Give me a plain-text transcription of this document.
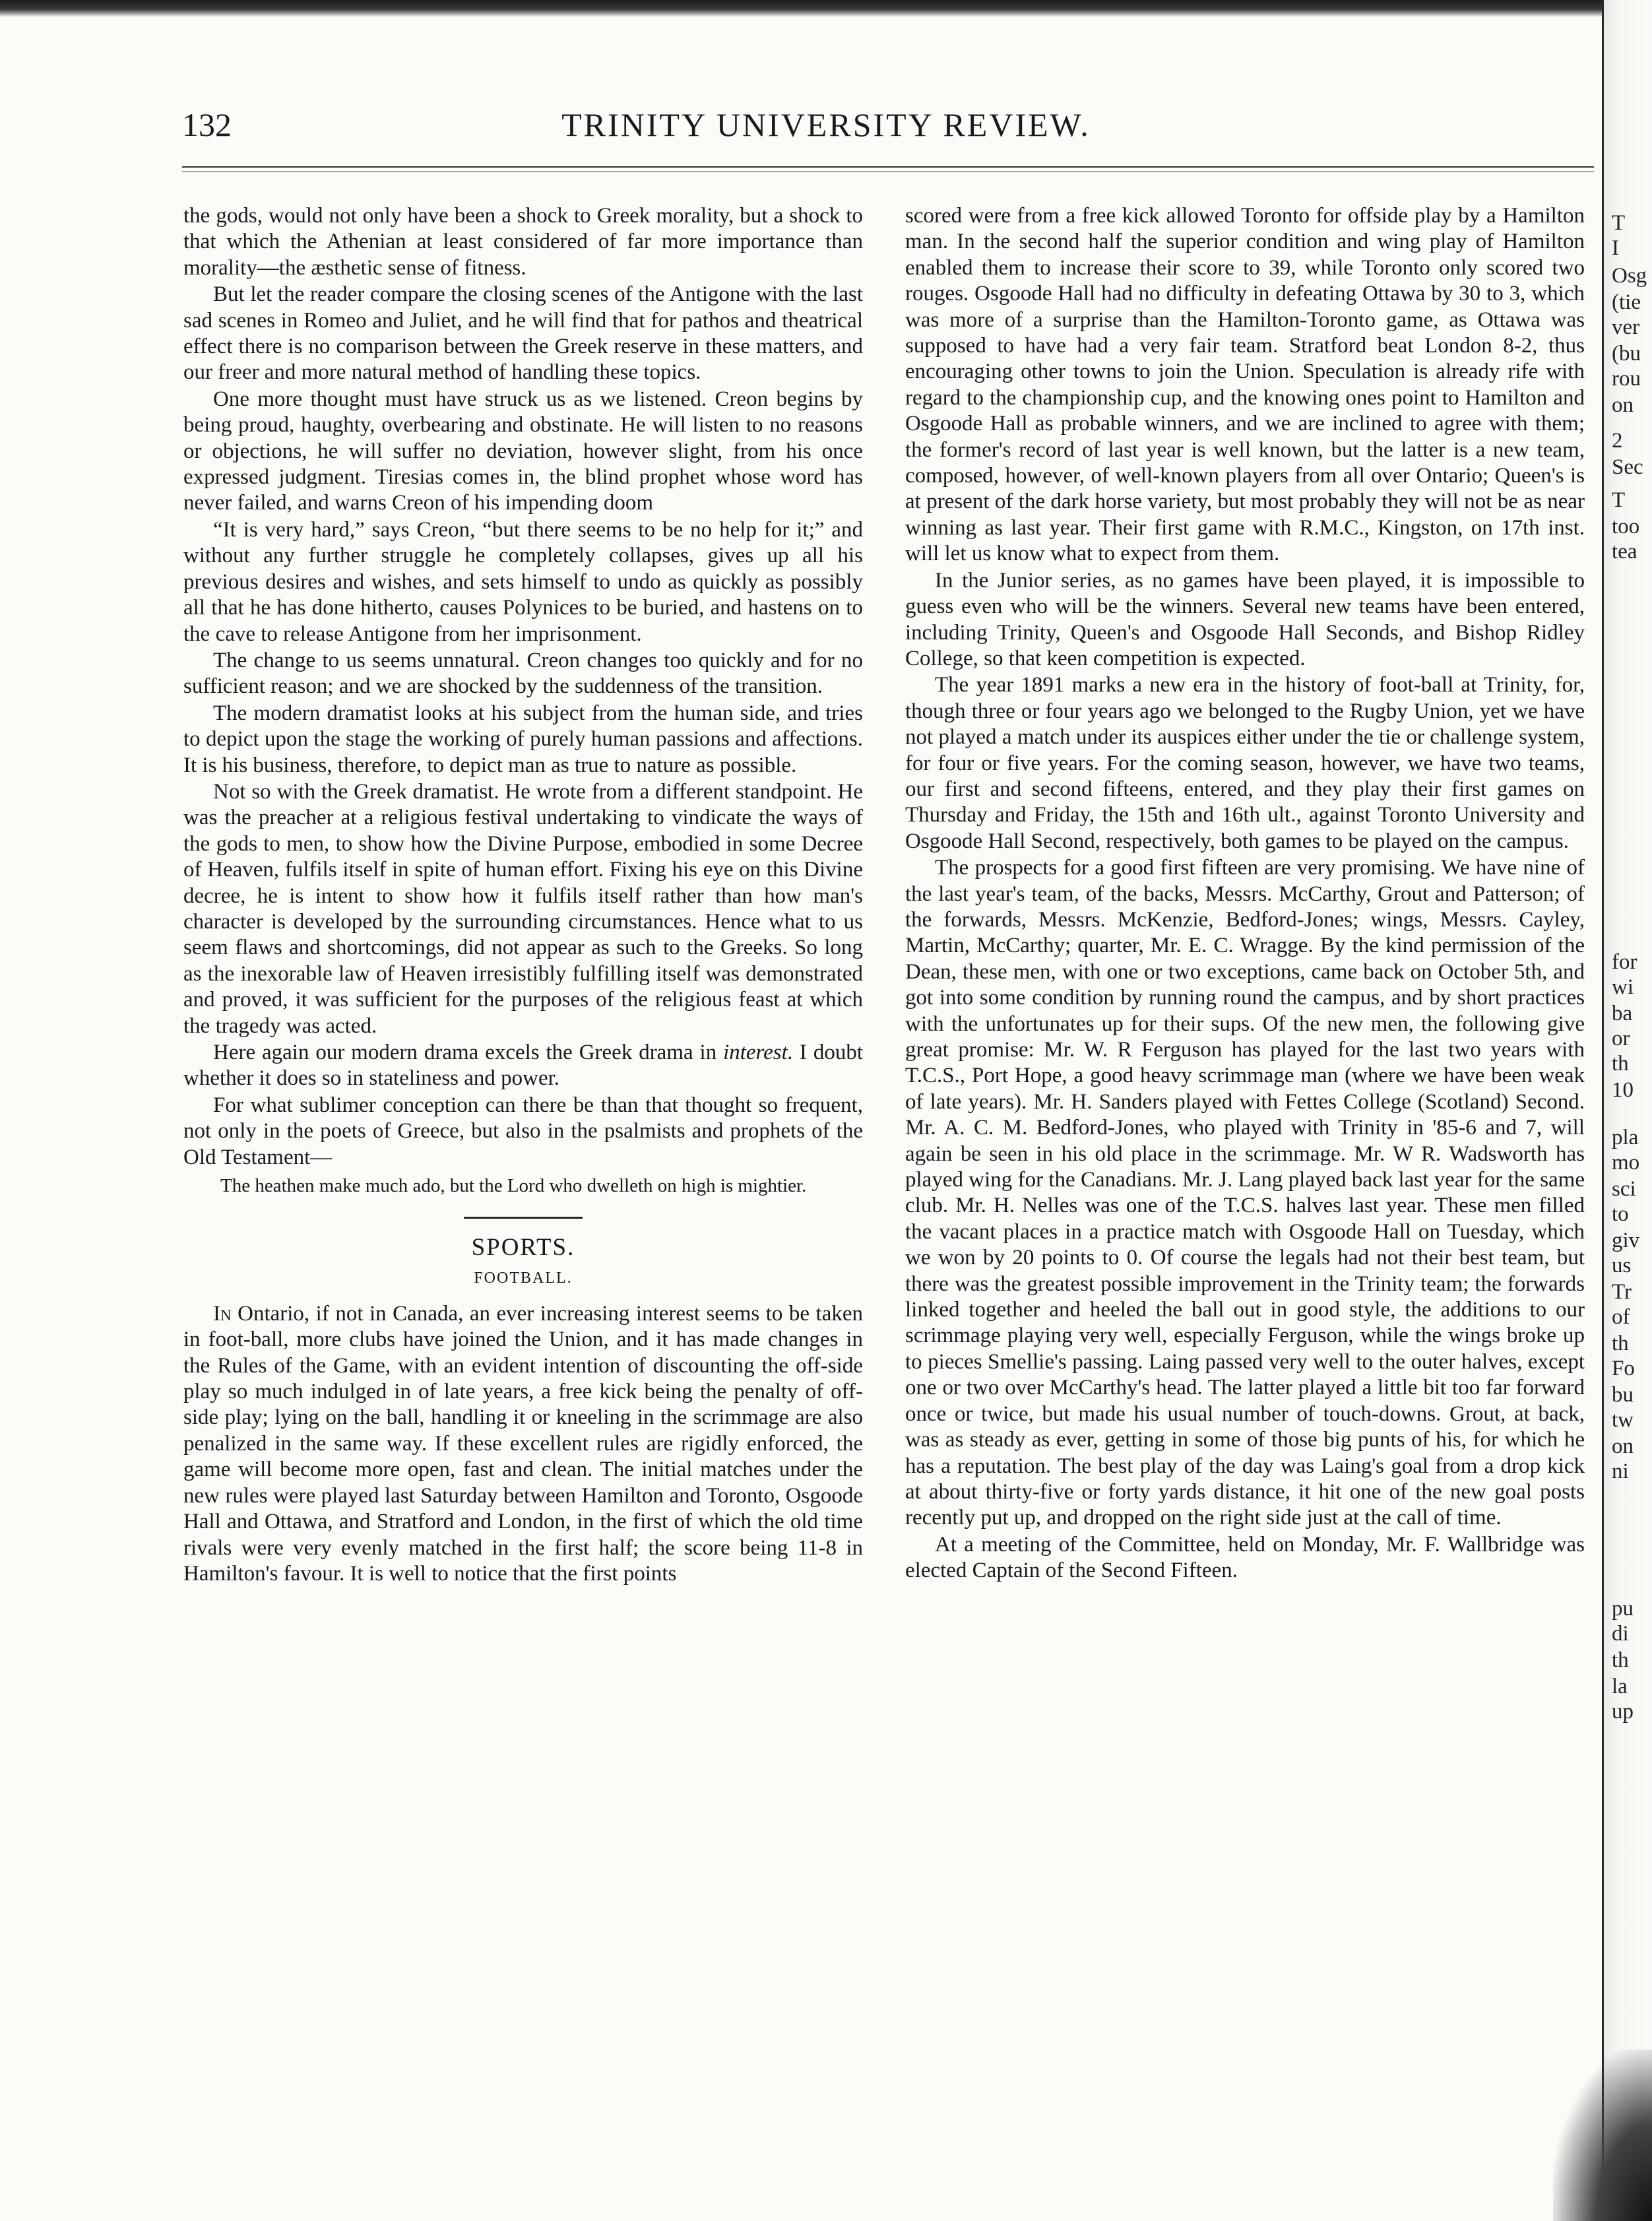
132	TRINITY UNIVERSITY REVIEW.

the gods, would not only have been a shock to Greek morality, but a shock to that which the Athenian at least considered of far more importance than morality—the æsthetic sense of fitness.

But let the reader compare the closing scenes of the Antigone with the last sad scenes in Romeo and Juliet, and he will find that for pathos and theatrical effect there is no comparison between the Greek reserve in these matters, and our freer and more natural method of handling these topics.

One more thought must have struck us as we listened. Creon begins by being proud, haughty, overbearing and obstinate. He will listen to no reasons or objections, he will suffer no deviation, however slight, from his once expressed judgment. Tiresias comes in, the blind prophet whose word has never failed, and warns Creon of his impending doom

“It is very hard,” says Creon, “but there seems to be no help for it;” and without any further struggle he completely collapses, gives up all his previous desires and wishes, and sets himself to undo as quickly as possibly all that he has done hitherto, causes Polynices to be buried, and hastens on to the cave to release Antigone from her imprisonment.

The change to us seems unnatural. Creon changes too quickly and for no sufficient reason; and we are shocked by the suddenness of the transition.

The modern dramatist looks at his subject from the human side, and tries to depict upon the stage the working of purely human passions and affections. It is his business, therefore, to depict man as true to nature as possible.

Not so with the Greek dramatist. He wrote from a different standpoint. He was the preacher at a religious festival undertaking to vindicate the ways of the gods to men, to show how the Divine Purpose, embodied in some Decree of Heaven, fulfils itself in spite of human effort. Fixing his eye on this Divine decree, he is intent to show how it fulfils itself rather than how man's character is developed by the surrounding circumstances. Hence what to us seem flaws and shortcomings, did not appear as such to the Greeks. So long as the inexorable law of Heaven irresistibly fulfilling itself was demonstrated and proved, it was sufficient for the purposes of the religious feast at which the tragedy was acted.

Here again our modern drama excels the Greek drama in interest. I doubt whether it does so in stateliness and power.

For what sublimer conception can there be than that thought so frequent, not only in the poets of Greece, but also in the psalmists and prophets of the Old Testament—

The heathen make much ado, but the Lord who dwelleth on high is mightier.
SPORTS.
FOOTBALL.

In Ontario, if not in Canada, an ever increasing interest seems to be taken in foot-ball, more clubs have joined the Union, and it has made changes in the Rules of the Game, with an evident intention of discounting the off-side play so much indulged in of late years, a free kick being the penalty of off-side play; lying on the ball, handling it or kneeling in the scrimmage are also penalized in the same way. If these excellent rules are rigidly enforced, the game will become more open, fast and clean. The initial matches under the new rules were played last Saturday between Hamilton and Toronto, Osgoode Hall and Ottawa, and Stratford and London, in the first of which the old time rivals were very evenly matched in the first half; the score being 11-8 in Hamilton's favour. It is well to notice that the first points

scored were from a free kick allowed Toronto for offside play by a Hamilton man. In the second half the superior condition and wing play of Hamilton enabled them to increase their score to 39, while Toronto only scored two rouges. Osgoode Hall had no difficulty in defeating Ottawa by 30 to 3, which was more of a surprise than the Hamilton-Toronto game, as Ottawa was supposed to have had a very fair team. Stratford beat London 8-2, thus encouraging other towns to join the Union. Speculation is already rife with regard to the championship cup, and the knowing ones point to Hamilton and Osgoode Hall as probable winners, and we are inclined to agree with them; the former's record of last year is well known, but the latter is a new team, composed, however, of well-known players from all over Ontario; Queen's is at present of the dark horse variety, but most probably they will not be as near winning as last year. Their first game with R.M.C., Kingston, on 17th inst. will let us know what to expect from them.

In the Junior series, as no games have been played, it is impossible to guess even who will be the winners. Several new teams have been entered, including Trinity, Queen's and Osgoode Hall Seconds, and Bishop Ridley College, so that keen competition is expected.

The year 1891 marks a new era in the history of foot-ball at Trinity, for, though three or four years ago we belonged to the Rugby Union, yet we have not played a match under its auspices either under the tie or challenge system, for four or five years. For the coming season, however, we have two teams, our first and second fifteens, entered, and they play their first games on Thursday and Friday, the 15th and 16th ult., against Toronto University and Osgoode Hall Second, respectively, both games to be played on the campus.

The prospects for a good first fifteen are very promising. We have nine of the last year's team, of the backs, Messrs. McCarthy, Grout and Patterson; of the forwards, Messrs. McKenzie, Bedford-Jones; wings, Messrs. Cayley, Martin, McCarthy; quarter, Mr. E. C. Wragge. By the kind permission of the Dean, these men, with one or two exceptions, came back on October 5th, and got into some condition by running round the campus, and by short practices with the unfortunates up for their sups. Of the new men, the following give great promise: Mr. W. R Ferguson has played for the last two years with T.C.S., Port Hope, a good heavy scrimmage man (where we have been weak of late years). Mr. H. Sanders played with Fettes College (Scotland) Second. Mr. A. C. M. Bedford-Jones, who played with Trinity in '85-6 and 7, will again be seen in his old place in the scrimmage. Mr. W R. Wadsworth has played wing for the Canadians. Mr. J. Lang played back last year for the same club. Mr. H. Nelles was one of the T.C.S. halves last year. These men filled the vacant places in a practice match with Osgoode Hall on Tuesday, which we won by 20 points to 0. Of course the legals had not their best team, but there was the greatest possible improvement in the Trinity team; the forwards linked together and heeled the ball out in good style, the additions to our scrimmage playing very well, especially Ferguson, while the wings broke up to pieces Smellie's passing. Laing passed very well to the outer halves, except one or two over McCarthy's head. The latter played a little bit too far forward once or twice, but made his usual number of touch-downs. Grout, at back, was as steady as ever, getting in some of those big punts of his, for which he has a reputation. The best play of the day was Laing's goal from a drop kick at about thirty-five or forty yards distance, it hit one of the new goal posts recently put up, and dropped on the right side just at the call of time.

At a meeting of the Committee, held on Monday, Mr. F. Wallbridge was elected Captain of the Second Fifteen.

T
I
Osg
(tie
ver
(bu
rou
on
2
Sec
T
too
tea
for
wi
ba
or
th
10
pla
mo
sci
to
giv
us
Tr
of
th
Fo
bu
tw
on
ni
pu
di
th
la
up
